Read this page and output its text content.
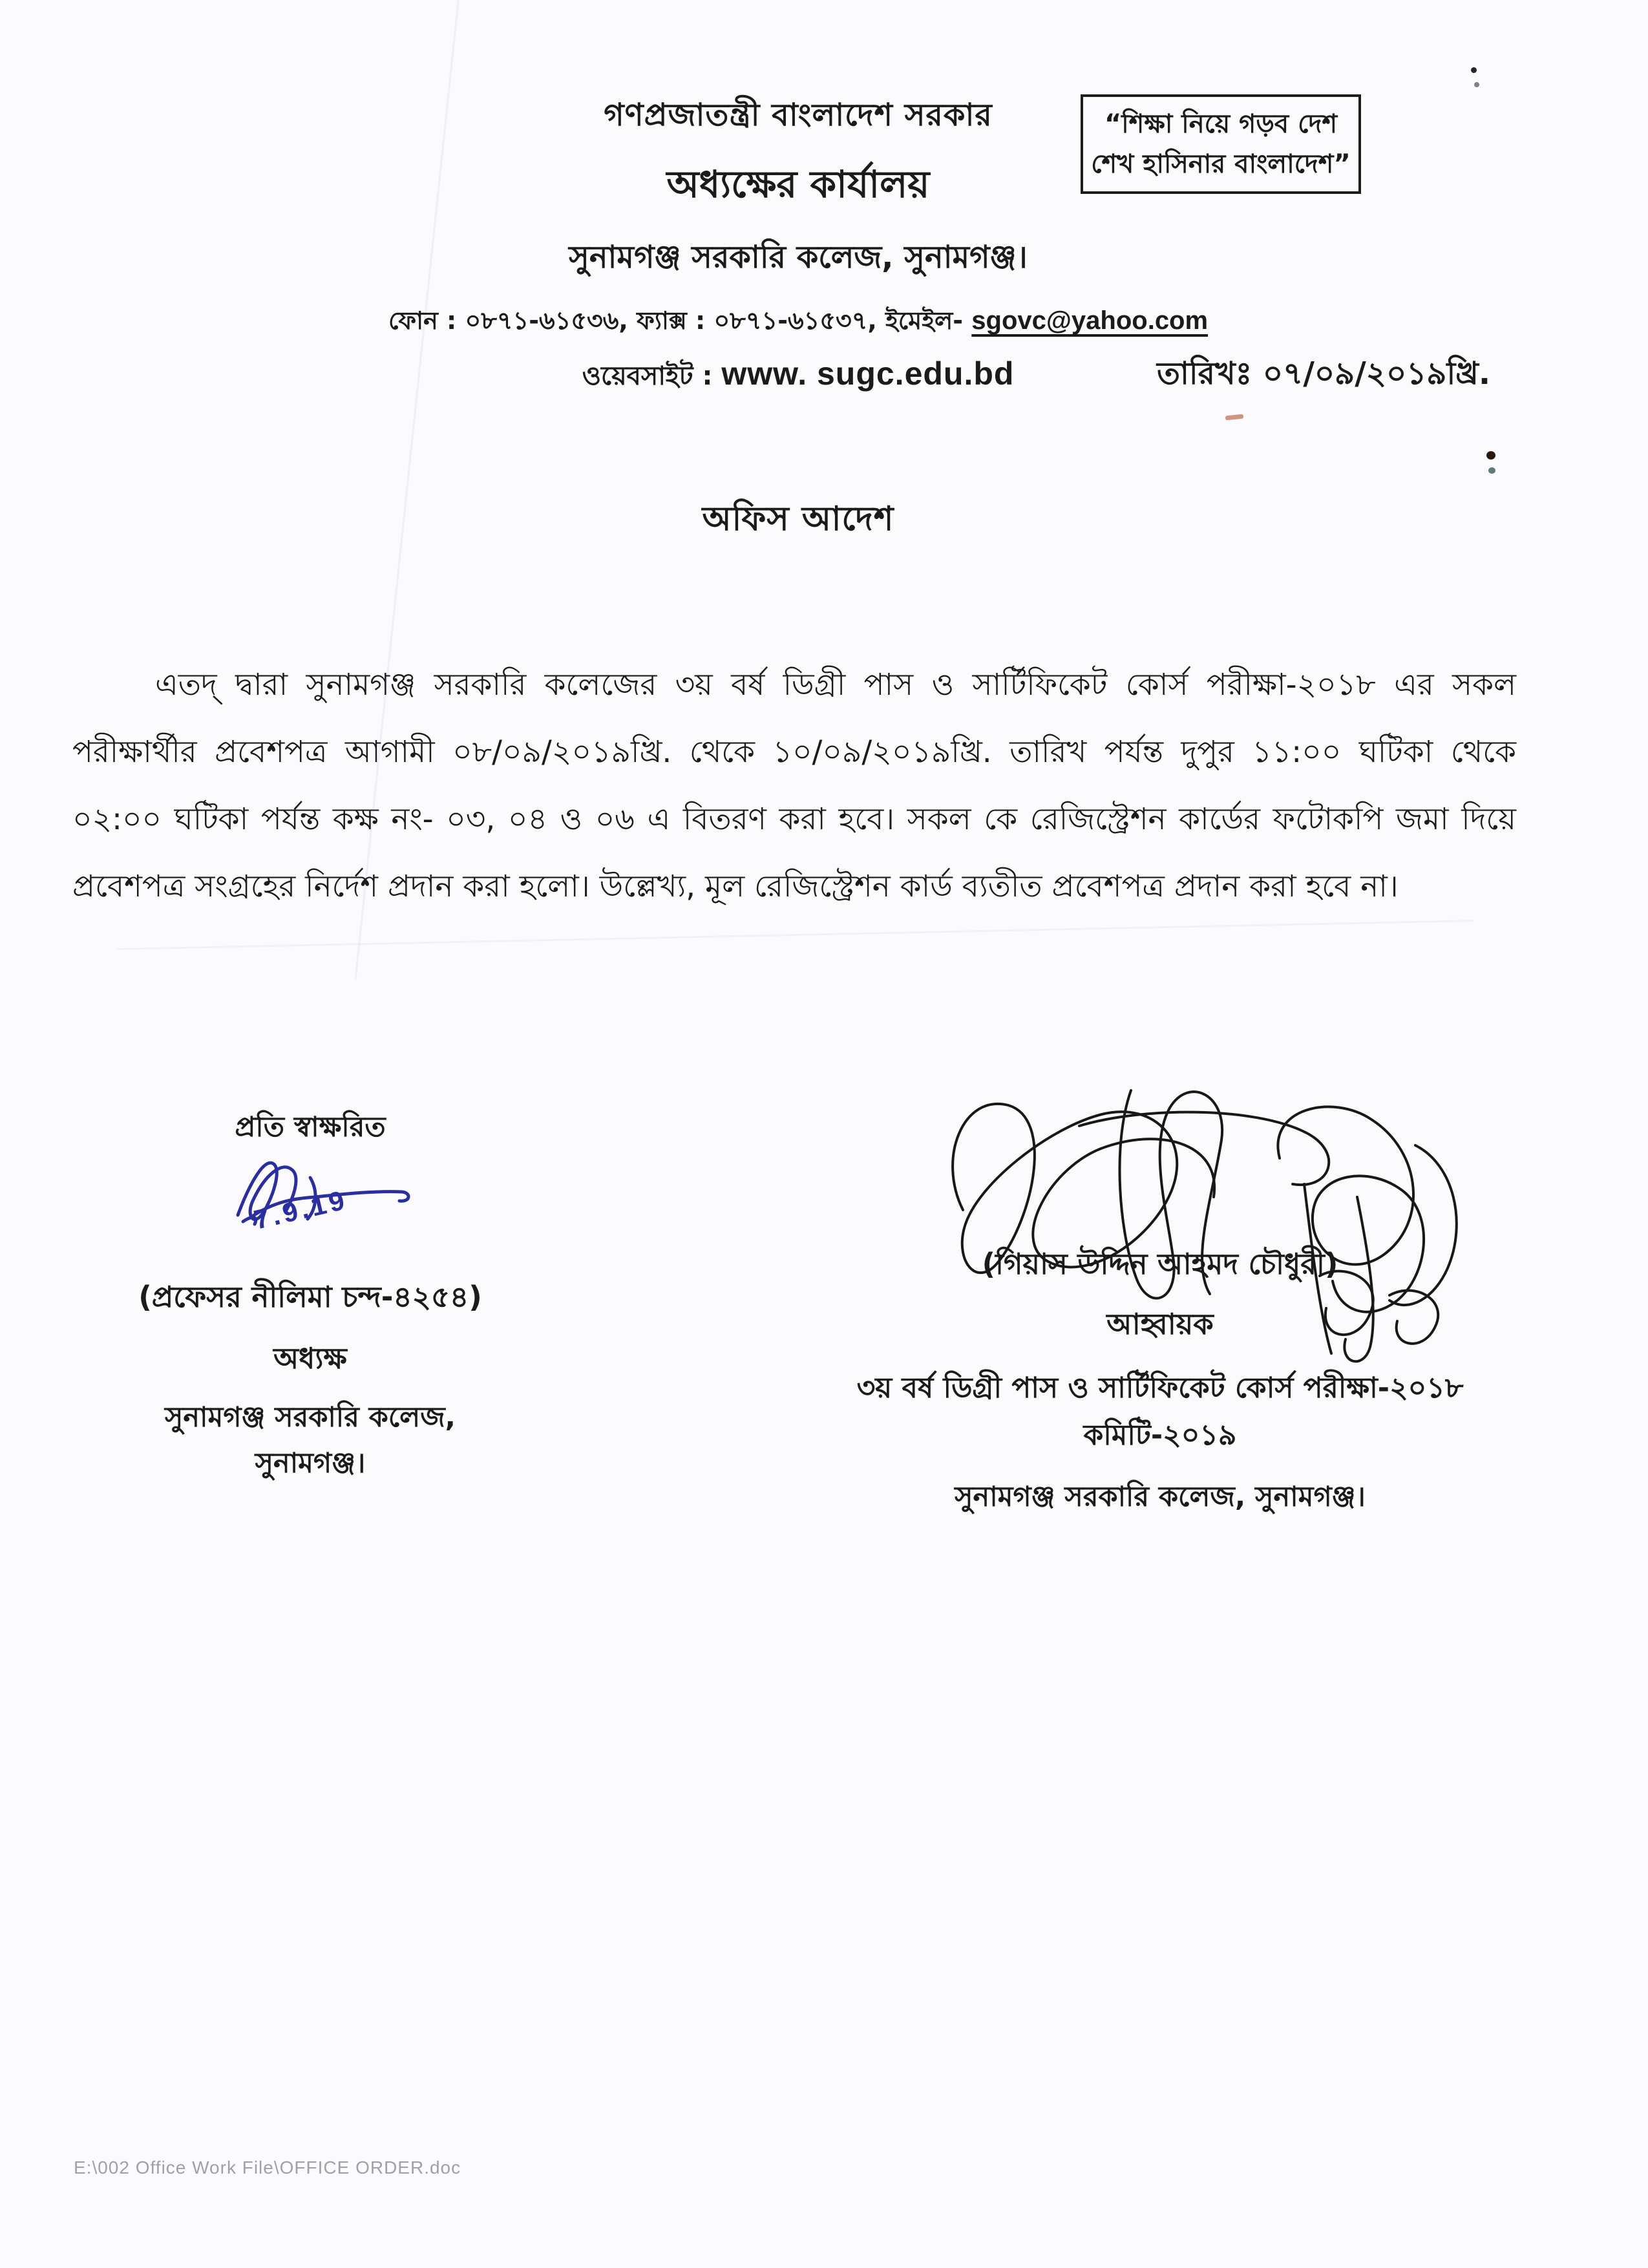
গণপ্রজাতন্ত্রী বাংলাদেশ সরকার
অধ্যক্ষের কার্যালয়
সুনামগঞ্জ সরকারি কলেজ, সুনামগঞ্জ।
ফোন : ০৮৭১-৬১৫৩৬, ফ্যাক্স : ০৮৭১-৬১৫৩৭, ইমেইল- sgovc@yahoo.com
ওয়েবসাইট : www. sugc.edu.bd
“শিক্ষা নিয়ে গড়ব দেশ
শেখ হাসিনার বাংলাদেশ”
তারিখঃ ০৭/০৯/২০১৯খ্রি.
অফিস আদেশ
এতদ্ দ্বারা সুনামগঞ্জ সরকারি কলেজের ৩য় বর্ষ ডিগ্রী পাস ও সার্টিফিকেট কোর্স পরীক্ষা-২০১৮ এর সকল পরীক্ষার্থীর প্রবেশপত্র আগামী ০৮/০৯/২০১৯খ্রি. থেকে ১০/০৯/২০১৯খ্রি. তারিখ পর্যন্ত দুপুর ১১:০০ ঘটিকা থেকে ০২:০০ ঘটিকা পর্যন্ত কক্ষ নং- ০৩, ০৪ ও ০৬ এ বিতরণ করা হবে। সকল কে রেজিস্ট্রেশন কার্ডের ফটোকপি জমা দিয়ে প্রবেশপত্র সংগ্রহের নির্দেশ প্রদান করা হলো। উল্লেখ্য, মূল রেজিস্ট্রেশন কার্ড ব্যতীত প্রবেশপত্র প্রদান করা হবে না।
প্রতি স্বাক্ষরিত
(প্রফেসর নীলিমা চন্দ-৪২৫৪)
অধ্যক্ষ
সুনামগঞ্জ সরকারি কলেজ, সুনামগঞ্জ।
7.9.19
(গিয়াস উদ্দিন আহমদ চৌধুরী)
আহ্বায়ক
৩য় বর্ষ ডিগ্রী পাস ও সার্টিফিকেট কোর্স পরীক্ষা-২০১৮ কমিটি-২০১৯
সুনামগঞ্জ সরকারি কলেজ, সুনামগঞ্জ।
E:\002 Office Work File\OFFICE ORDER.doc
